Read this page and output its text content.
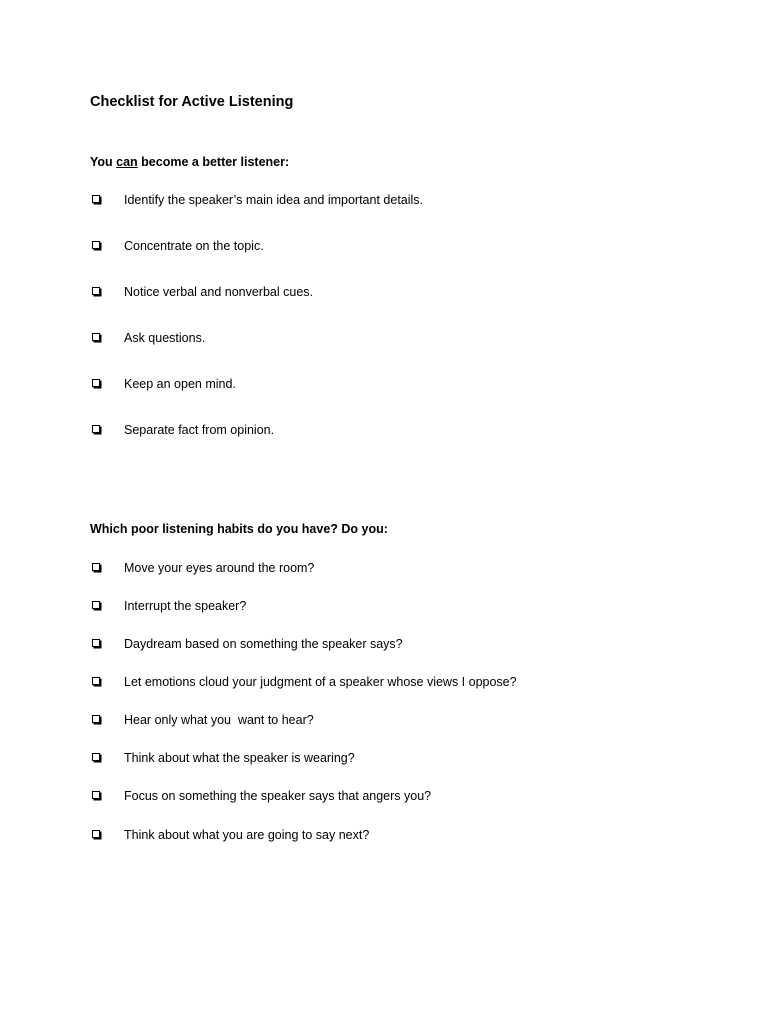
Checklist for Active Listening
You can become a better listener:
Identify the speaker’s main idea and important details.
Concentrate on the topic.
Notice verbal and nonverbal cues.
Ask questions.
Keep an open mind.
Separate fact from opinion.
Which poor listening habits do you have? Do you:
Move your eyes around the room?
Interrupt the speaker?
Daydream based on something the speaker says?
Let emotions cloud your judgment of a speaker whose views I oppose?
Hear only what you  want to hear?
Think about what the speaker is wearing?
Focus on something the speaker says that angers you?
Think about what you are going to say next?
